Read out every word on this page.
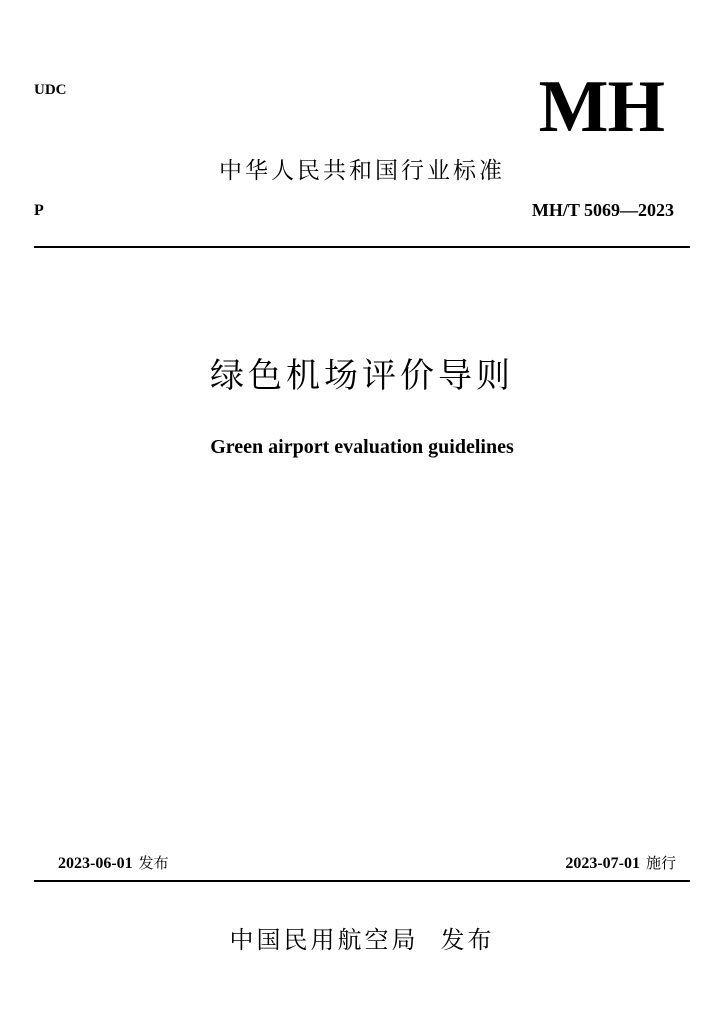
UDC	MH
中华人民共和国行业标准
P	MH/T 5069—2023
绿色机场评价导则
Green airport evaluation guidelines
2023-06-01 发布	2023-07-01 施行
中国民用航空局 发布
